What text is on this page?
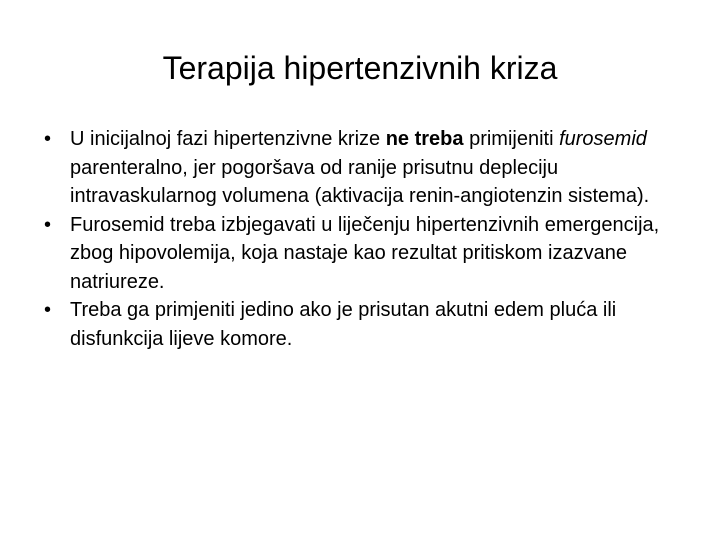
Terapija hipertenzivnih kriza
• U inicijalnoj fazi hipertenzivne krize ne treba primijeniti furosemid parenteralno, jer pogoršava od ranije prisutnu depleciju intravaskularnog volumena (aktivacija renin-angiotenzin sistema).
• Furosemid treba izbjegavati u liječenju hipertenzivnih emergencija, zbog hipovolemija, koja nastaje kao rezultat pritiskom izazvane natriureze.
• Treba ga primjeniti jedino ako je prisutan akutni edem pluća ili disfunkcija lijeve komore.
